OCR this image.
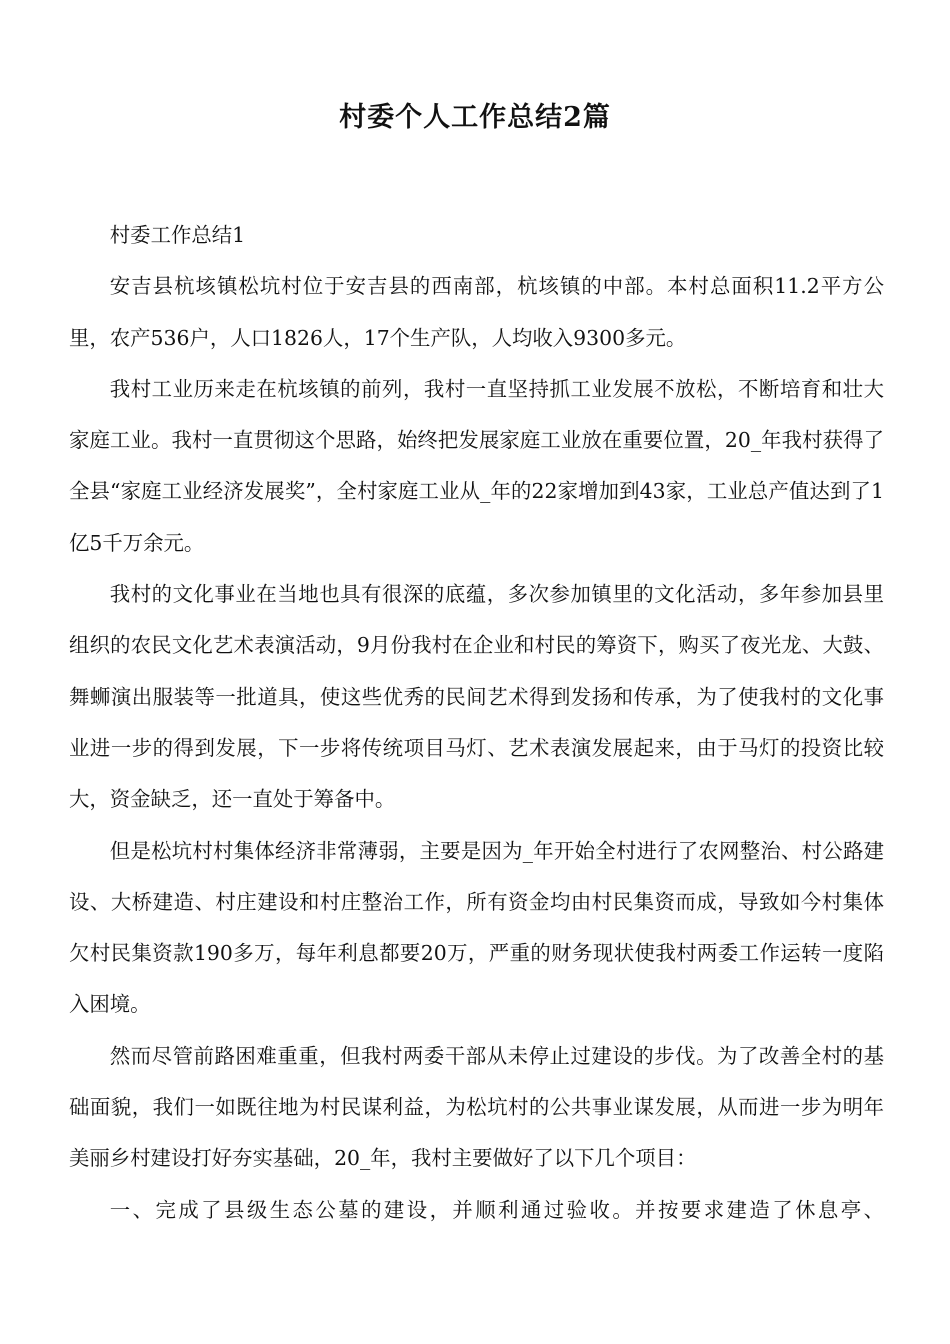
村委个人工作总结2篇

村委工作总结1

安吉县杭垓镇松坑村位于安吉县的西南部，杭垓镇的中部。本村总面积11.2平方公里，农产536户，人口1826人，17个生产队，人均收入9300多元。

我村工业历来走在杭垓镇的前列，我村一直坚持抓工业发展不放松，不断培育和壮大家庭工业。我村一直贯彻这个思路，始终把发展家庭工业放在重要位置，20_年我村获得了全县“家庭工业经济发展奖”，全村家庭工业从_年的22家增加到43家，工业总产值达到了1亿5千万余元。

我村的文化事业在当地也具有很深的底蕴，多次参加镇里的文化活动，多年参加县里组织的农民文化艺术表演活动，9月份我村在企业和村民的筹资下，购买了夜光龙、大鼓、舞蛳演出服装等一批道具，使这些优秀的民间艺术得到发扬和传承，为了使我村的文化事业进一步的得到发展，下一步将传统项目马灯、艺术表演发展起来，由于马灯的投资比较大，资金缺乏，还一直处于筹备中。

但是松坑村村集体经济非常薄弱，主要是因为_年开始全村进行了农网整治、村公路建设、大桥建造、村庄建设和村庄整治工作，所有资金均由村民集资而成，导致如今村集体欠村民集资款190多万，每年利息都要20万，严重的财务现状使我村两委工作运转一度陷入困境。

然而尽管前路困难重重，但我村两委干部从未停止过建设的步伐。为了改善全村的基础面貌，我们一如既往地为村民谋利益，为松坑村的公共事业谋发展，从而进一步为明年美丽乡村建设打好夯实基础，20_年，我村主要做好了以下几个项目：

一、完成了县级生态公墓的建设，并顺利通过验收。并按要求建造了休息亭、
